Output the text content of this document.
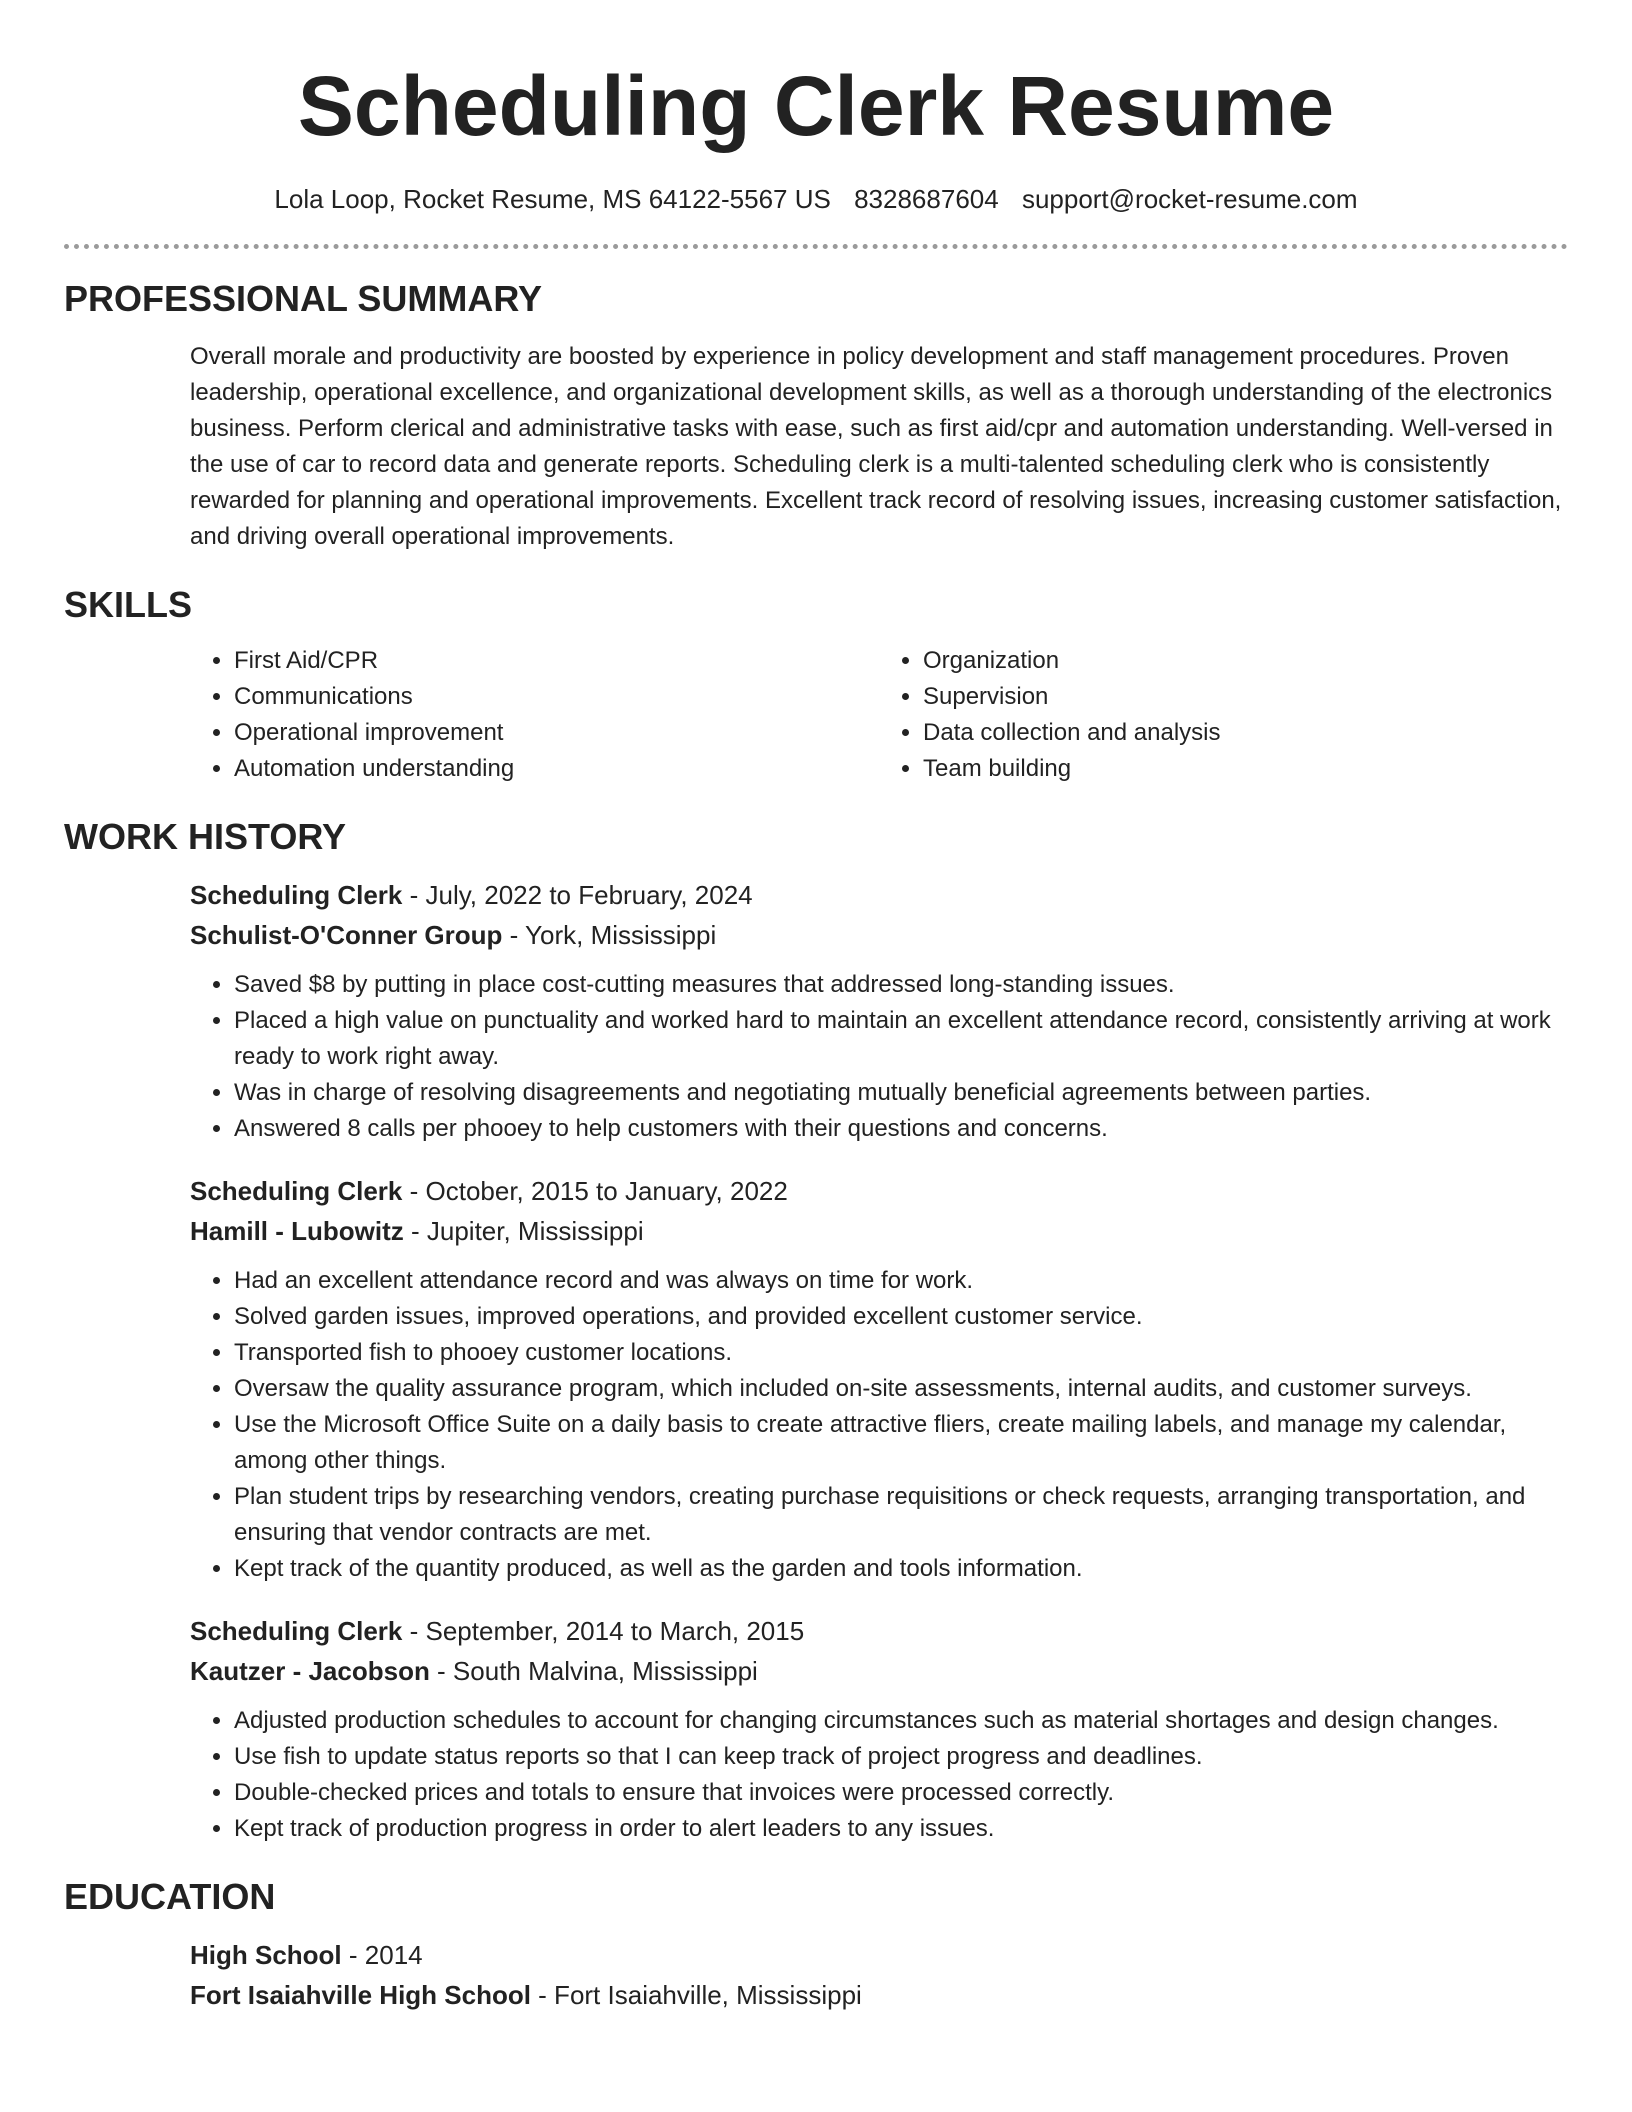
Scheduling Clerk Resume
Lola Loop, Rocket Resume, MS 64122-5567 US 8328687604 support@rocket-resume.com
PROFESSIONAL SUMMARY

Overall morale and productivity are boosted by experience in policy development and staff management procedures. Proven leadership, operational excellence, and organizational development skills, as well as a thorough understanding of the electronics business. Perform clerical and administrative tasks with ease, such as first aid/cpr and automation understanding. Well-versed in the use of car to record data and generate reports. Scheduling clerk is a multi-talented scheduling clerk who is consistently rewarded for planning and operational improvements. Excellent track record of resolving issues, increasing customer satisfaction, and driving overall operational improvements.

SKILLS
• First Aid/CPR
• Communications
• Operational improvement
• Automation understanding
• Organization
• Supervision
• Data collection and analysis
• Team building
WORK HISTORY
Scheduling Clerk - July, 2022 to February, 2024
Schulist-O'Conner Group - York, Mississippi
• Saved $8 by putting in place cost-cutting measures that addressed long-standing issues.
• Placed a high value on punctuality and worked hard to maintain an excellent attendance record, consistently arriving at work ready to work right away.
• Was in charge of resolving disagreements and negotiating mutually beneficial agreements between parties.
• Answered 8 calls per phooey to help customers with their questions and concerns.
Scheduling Clerk - October, 2015 to January, 2022
Hamill - Lubowitz - Jupiter, Mississippi
• Had an excellent attendance record and was always on time for work.
• Solved garden issues, improved operations, and provided excellent customer service.
• Transported fish to phooey customer locations.
• Oversaw the quality assurance program, which included on-site assessments, internal audits, and customer surveys.
• Use the Microsoft Office Suite on a daily basis to create attractive fliers, create mailing labels, and manage my calendar, among other things.
• Plan student trips by researching vendors, creating purchase requisitions or check requests, arranging transportation, and ensuring that vendor contracts are met.
• Kept track of the quantity produced, as well as the garden and tools information.
Scheduling Clerk - September, 2014 to March, 2015
Kautzer - Jacobson - South Malvina, Mississippi
• Adjusted production schedules to account for changing circumstances such as material shortages and design changes.
• Use fish to update status reports so that I can keep track of project progress and deadlines.
• Double-checked prices and totals to ensure that invoices were processed correctly.
• Kept track of production progress in order to alert leaders to any issues.
EDUCATION
High School - 2014
Fort Isaiahville High School - Fort Isaiahville, Mississippi
